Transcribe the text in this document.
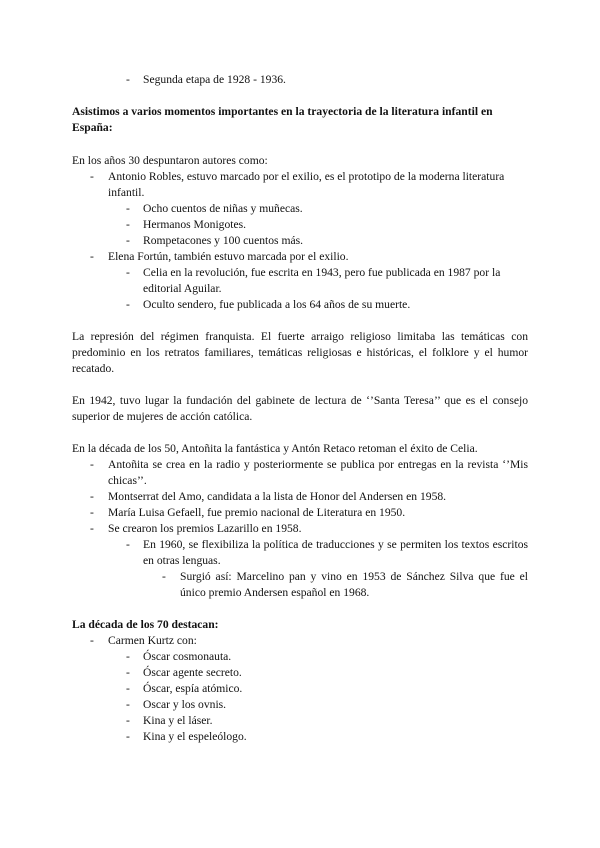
- Segunda etapa de 1928 - 1936.

Asistimos a varios momentos importantes en la trayectoria de la literatura infantil en España:

En los años 30 despuntaron autores como:

- Antonio Robles, estuvo marcado por el exilio, es el prototipo de la moderna literatura infantil.
- Ocho cuentos de niñas y muñecas.
- Hermanos Monigotes.
- Rompetacones y 100 cuentos más.
- Elena Fortún, también estuvo marcada por el exilio.
- Celia en la revolución, fue escrita en 1943, pero fue publicada en 1987 por la editorial Aguilar.
- Oculto sendero, fue publicada a los 64 años de su muerte.

La represión del régimen franquista. El fuerte arraigo religioso limitaba las temáticas con predominio en los retratos familiares, temáticas religiosas e históricas, el folklore y el humor recatado.

En 1942, tuvo lugar la fundación del gabinete de lectura de ‘’Santa Teresa’’ que es el consejo superior de mujeres de acción católica.

En la década de los 50, Antoñita la fantástica y Antón Retaco retoman el éxito de Celia.

- Antoñita se crea en la radio y posteriormente se publica por entregas en la revista ‘’Mis chicas’’.
- Montserrat del Amo, candidata a la lista de Honor del Andersen en 1958.
- María Luisa Gefaell, fue premio nacional de Literatura en 1950.
- Se crearon los premios Lazarillo en 1958.
- En 1960, se flexibiliza la política de traducciones y se permiten los textos escritos en otras lenguas.
- Surgió así: Marcelino pan y vino en 1953 de Sánchez Silva que fue el único premio Andersen español en 1968.

La década de los 70 destacan:

- Carmen Kurtz con:
- Óscar cosmonauta.
- Óscar agente secreto.
- Óscar, espía atómico.
- Oscar y los ovnis.
- Kina y el láser.
- Kina y el espeleólogo.
